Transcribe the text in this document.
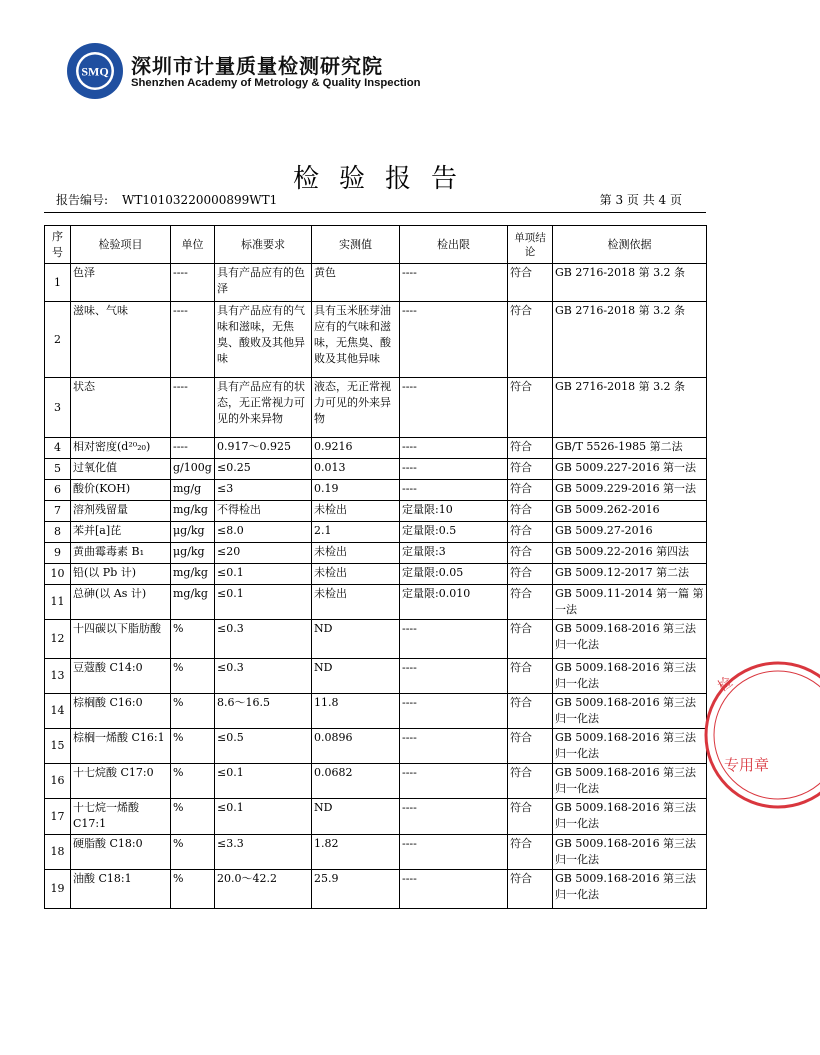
SMQ 深圳市计量质量检测研究院
Shenzhen Academy of Metrology & Quality Inspection
检验报告
报告编号: WT10103220000899WT1	第 3 页 共 4 页
序号	检验项目	单位	标准要求	实测值	检出限	单项结论	检测依据
1	色泽	----	具有产品应有的色泽	黄色	----	符合	GB 2716-2018 第 3.2 条
2	滋味、气味	----	具有产品应有的气味和滋味，无焦臭、酸败及其他异味	具有玉米胚芽油应有的气味和滋味，无焦臭、酸败及其他异味	----	符合	GB 2716-2018 第 3.2 条
3	状态	----	具有产品应有的状态，无正常视力可见的外来异物	液态，无正常视力可见的外来异物	----	符合	GB 2716-2018 第 3.2 条
4	相对密度(d²⁰₂₀)	----	0.917～0.925	0.9216	----	符合	GB/T 5526-1985 第二法
5	过氧化值	g/100g	≤0.25	0.013	----	符合	GB 5009.227-2016 第一法
6	酸价(KOH)	mg/g	≤3	0.19	----	符合	GB 5009.229-2016 第一法
7	溶剂残留量	mg/kg	不得检出	未检出	定量限:10	符合	GB 5009.262-2016
8	苯并[a]芘	μg/kg	≤8.0	2.1	定量限:0.5	符合	GB 5009.27-2016
9	黄曲霉毒素 B₁	μg/kg	≤20	未检出	定量限:3	符合	GB 5009.22-2016 第四法
10	铅(以 Pb 计)	mg/kg	≤0.1	未检出	定量限:0.05	符合	GB 5009.12-2017 第二法
11	总砷(以 As 计)	mg/kg	≤0.1	未检出	定量限:0.010	符合	GB 5009.11-2014 第一篇 第一法
12	十四碳以下脂肪酸	%	≤0.3	ND	----	符合	GB 5009.168-2016 第三法 归一化法
13	豆蔻酸 C14:0	%	≤0.3	ND	----	符合	GB 5009.168-2016 第三法 归一化法
14	棕榈酸 C16:0	%	8.6～16.5	11.8	----	符合	GB 5009.168-2016 第三法 归一化法
15	棕榈一烯酸 C16:1	%	≤0.5	0.0896	----	符合	GB 5009.168-2016 第三法 归一化法
16	十七烷酸 C17:0	%	≤0.1	0.0682	----	符合	GB 5009.168-2016 第三法 归一化法
17	十七烷一烯酸 C17:1	%	≤0.1	ND	----	符合	GB 5009.168-2016 第三法 归一化法
18	硬脂酸 C18:0	%	≤3.3	1.82	----	符合	GB 5009.168-2016 第三法 归一化法
19	油酸 C18:1	%	20.0～42.2	25.9	----	符合	GB 5009.168-2016 第三法 归一化法
检
专用章
